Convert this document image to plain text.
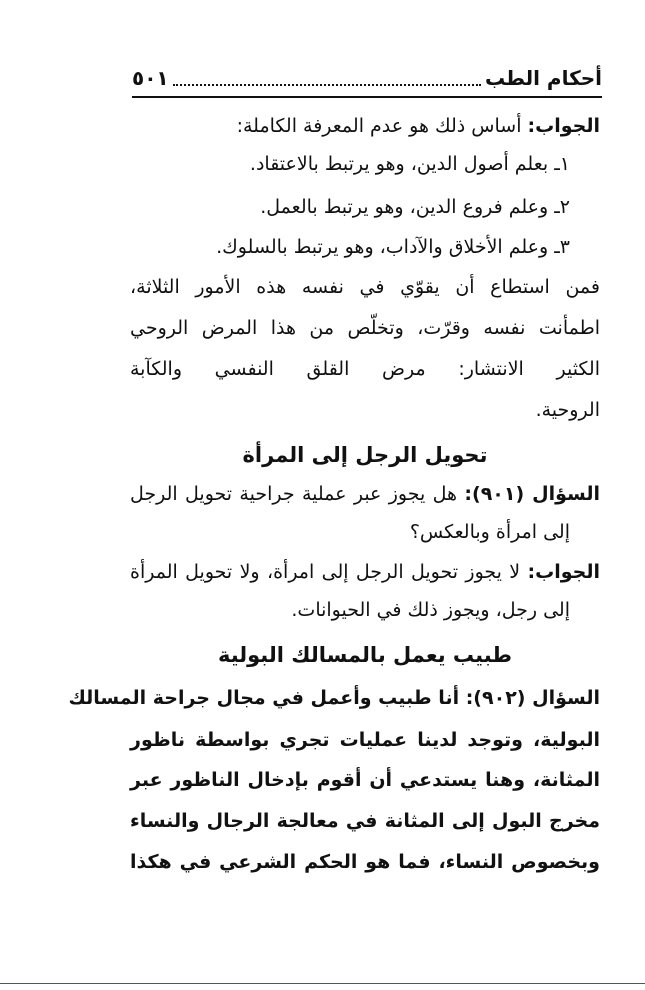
أحكام الطب
٥٠١
الجواب: أساس ذلك هو عدم المعرفة الكاملة:
١ـ بعلم أصول الدين، وهو يرتبط بالاعتقاد.
٢ـ وعلم فروع الدين، وهو يرتبط بالعمل.
٣ـ وعلم الأخلاق والآداب، وهو يرتبط بالسلوك.
فمن استطاع أن يقوّي في نفسه هذه الأمور الثلاثة،
اطمأنت نفسه وقرّت، وتخلّص من هذا المرض الروحي
الكثير الانتشار: مرض القلق النفسي والكآبة
الروحية.
تحويل الرجل إلى المرأة
السؤال (٩٠١): هل يجوز عبر عملية جراحية تحويل الرجل
إلى امرأة وبالعكس؟
الجواب: لا يجوز تحويل الرجل إلى امرأة، ولا تحويل المرأة
إلى رجل، ويجوز ذلك في الحيوانات.
طبيب يعمل بالمسالك البولية
السؤال (٩٠٢): أنا طبيب وأعمل في مجال جراحة المسالك
البولية، وتوجد لدينا عمليات تجري بواسطة ناظور
المثانة، وهنا يستدعي أن أقوم بإدخال الناظور عبر
مخرج البول إلى المثانة في معالجة الرجال والنساء
وبخصوص النساء، فما هو الحكم الشرعي في هكذا
